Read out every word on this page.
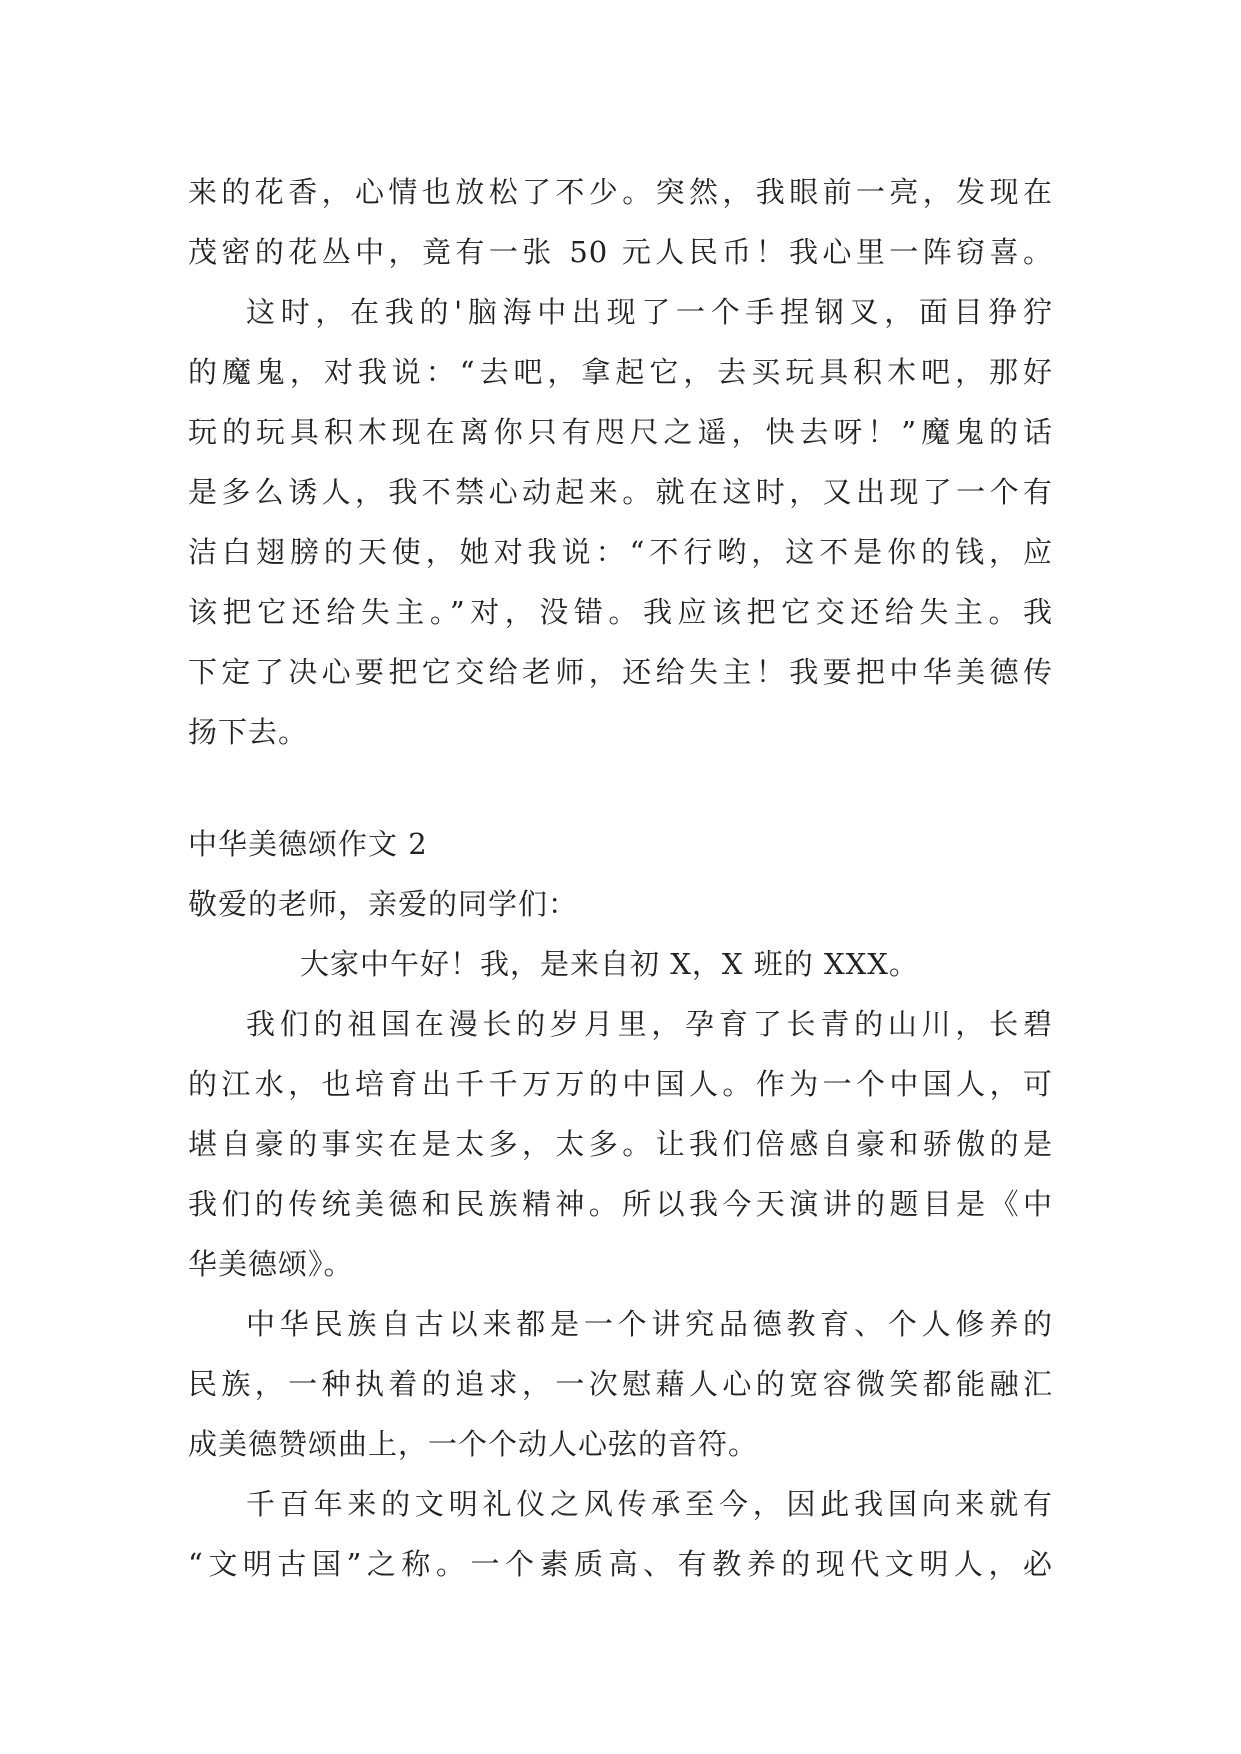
来的花香，心情也放松了不少。突然，我眼前一亮，发现在
茂密的花丛中，竟有一张 50 元人民币！我心里一阵窃喜。
这时，在我的'脑海中出现了一个手捏钢叉，面目狰狞
的魔鬼，对我说：“去吧，拿起它，去买玩具积木吧，那好
玩的玩具积木现在离你只有咫尺之遥，快去呀！”魔鬼的话
是多么诱人，我不禁心动起来。就在这时，又出现了一个有
洁白翅膀的天使，她对我说：“不行哟，这不是你的钱，应
该把它还给失主。”对，没错。我应该把它交还给失主。我
下定了决心要把它交给老师，还给失主！我要把中华美德传
扬下去。
中华美德颂作文 2
敬爱的老师，亲爱的同学们：
大家中午好！我，是来自初 X，X 班的 XXX。
我们的祖国在漫长的岁月里，孕育了长青的山川，长碧
的江水，也培育出千千万万的中国人。作为一个中国人，可
堪自豪的事实在是太多，太多。让我们倍感自豪和骄傲的是
我们的传统美德和民族精神。所以我今天演讲的题目是《中
华美德颂》。
中华民族自古以来都是一个讲究品德教育、个人修养的
民族，一种执着的追求，一次慰藉人心的宽容微笑都能融汇
成美德赞颂曲上，一个个动人心弦的音符。
千百年来的文明礼仪之风传承至今，因此我国向来就有
“文明古国”之称。一个素质高、有教养的现代文明人，必
